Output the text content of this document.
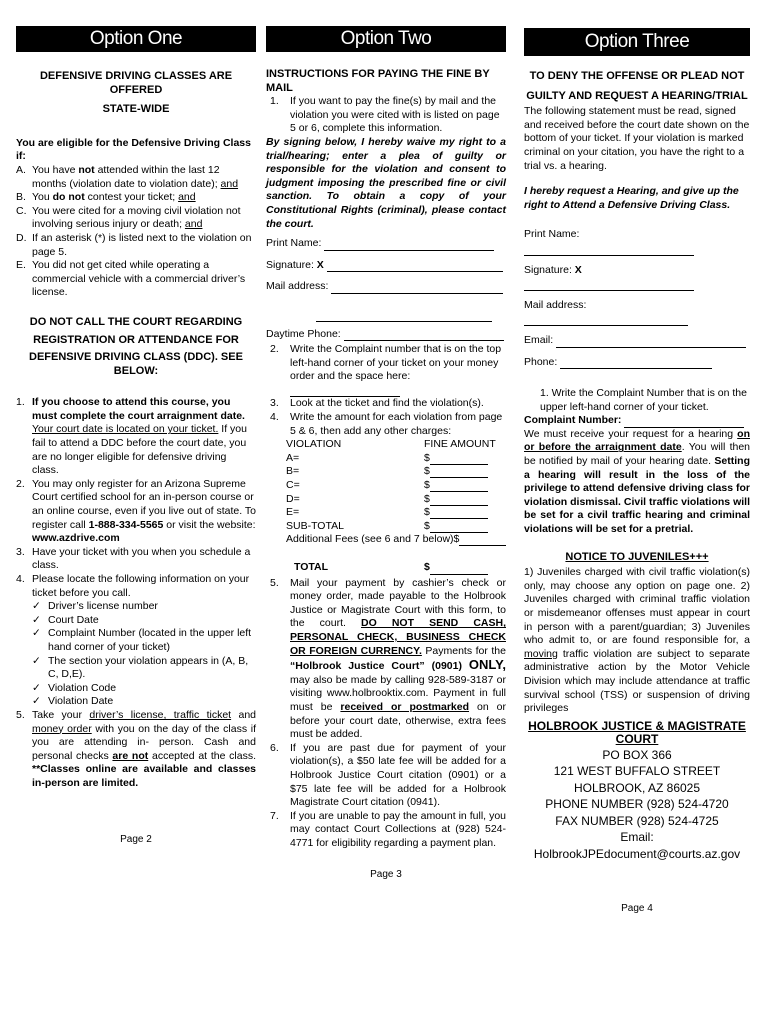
Option One
DEFENSIVE DRIVING CLASSES ARE OFFERED
STATE-WIDE
You are eligible for the Defensive Driving Class if:
A. You have not attended within the last 12 months (violation date to violation date); and
B. You do not contest your ticket; and
C. You were cited for a moving civil violation not involving serious injury or death; and
D. If an asterisk (*) is listed next to the violation on page 5.
E. You did not get cited while operating a commercial vehicle with a commercial driver’s license.
DO NOT CALL THE COURT REGARDING
REGISTRATION OR ATTENDANCE FOR
DEFENSIVE DRIVING CLASS (DDC). SEE BELOW:
1. If you choose to attend this course, you must complete the court arraignment date. Your court date is located on your ticket. If you fail to attend a DDC before the court date, you are no longer eligible for defensive driving class.
2. You may only register for an Arizona Supreme Court certified school for an in-person course or an online course, even if you live out of state. To register call 1-888-334-5565 or visit the website: www.azdrive.com
3. Have your ticket with you when you schedule a class.
4. Please locate the following information on your ticket before you call.
✓ Driver’s license number
✓ Court Date
✓ Complaint Number (located in the upper left hand corner of your ticket)
✓ The section your violation appears in (A, B, C, D,E).
✓ Violation Code
✓ Violation Date
5. Take your driver’s license, traffic ticket and money order with you on the day of the class if you are attending in- person. Cash and personal checks are not accepted at the class. **Classes online are available and classes in-person are limited.
Page 2
Option Two
INSTRUCTIONS FOR PAYING THE FINE BY MAIL
1.	If you want to pay the fine(s) by mail and the violation you were cited with is listed on page 5 or 6, complete this information.
By signing below, I hereby waive my right to a trial/hearing; enter a plea of guilty or responsible for the violation and consent to judgment imposing the prescribed fine or civil sanction. To obtain a copy of your Constitutional Rights (criminal), please contact the court.
Print Name:
Signature: X
Mail address:
Daytime Phone:
2.	Write the Complaint number that is on the top left-hand corner of your ticket on your money order and the space here:
3.	Look at the ticket and find the violation(s).
4.	Write the amount for each violation from page 5 & 6, then add any other charges:
VIOLATION	FINE AMOUNT
A=	$
B=	$
C=	$
D=	$
E=	$
SUB-TOTAL	$
Additional Fees (see 6 and 7 below) $
TOTAL	$
5.	Mail your payment by cashier’s check or money order, made payable to the Holbrook Justice or Magistrate Court with this form, to the court. DO NOT SEND CASH, PERSONAL CHECK, BUSINESS CHECK OR FOREIGN CURRENCY. Payments for the “Holbrook Justice Court” (0901) ONLY, may also be made by calling 928-589-3187 or visiting www.holbrooktix.com. Payment in full must be received or postmarked on or before your court date, otherwise, extra fees must be added.
6.	If you are past due for payment of your violation(s), a $50 late fee will be added for a Holbrook Justice Court citation (0901) or a $75 late fee will be added for a Holbrook Magistrate Court citation (0941).
7.	If you are unable to pay the amount in full, you may contact Court Collections at (928) 524-4771 for eligibility regarding a payment plan.
Page 3
Option Three
TO DENY THE OFFENSE OR PLEAD NOT
GUILTY AND REQUEST A HEARING/TRIAL
The following statement must be read, signed and received before the court date shown on the bottom of your ticket. If your violation is marked criminal on your citation, you have the right to a trial vs. a hearing.
I hereby request a Hearing, and give up the right to Attend a Defensive Driving Class.
Print Name:
Signature: X
Mail address:
Email:
Phone:
1. Write the Complaint Number that is on the upper left-hand corner of your ticket.
Complaint Number:
We must receive your request for a hearing on or before the arraignment date. You will then be notified by mail of your hearing date. Setting a hearing will result in the loss of the privilege to attend defensive driving class for violation dismissal. Civil traffic violations will be set for a civil traffic hearing and criminal violations will be set for a pretrial.
NOTICE TO JUVENILES+++
1) Juveniles charged with civil traffic violation(s) only, may choose any option on page one. 2) Juveniles charged with criminal traffic violation or misdemeanor offenses must appear in court in person with a parent/guardian; 3) Juveniles who admit to, or are found responsible for, a moving traffic violation are subject to separate administrative action by the Motor Vehicle Division which may include attendance at traffic survival school (TSS) or suspension of driving privileges
HOLBROOK JUSTICE & MAGISTRATE COURT
PO BOX 366
121 WEST BUFFALO STREET
HOLBROOK, AZ 86025
PHONE NUMBER (928) 524-4720
FAX NUMBER (928) 524-4725
Email: HolbrookJPEdocument@courts.az.gov
Page 4
